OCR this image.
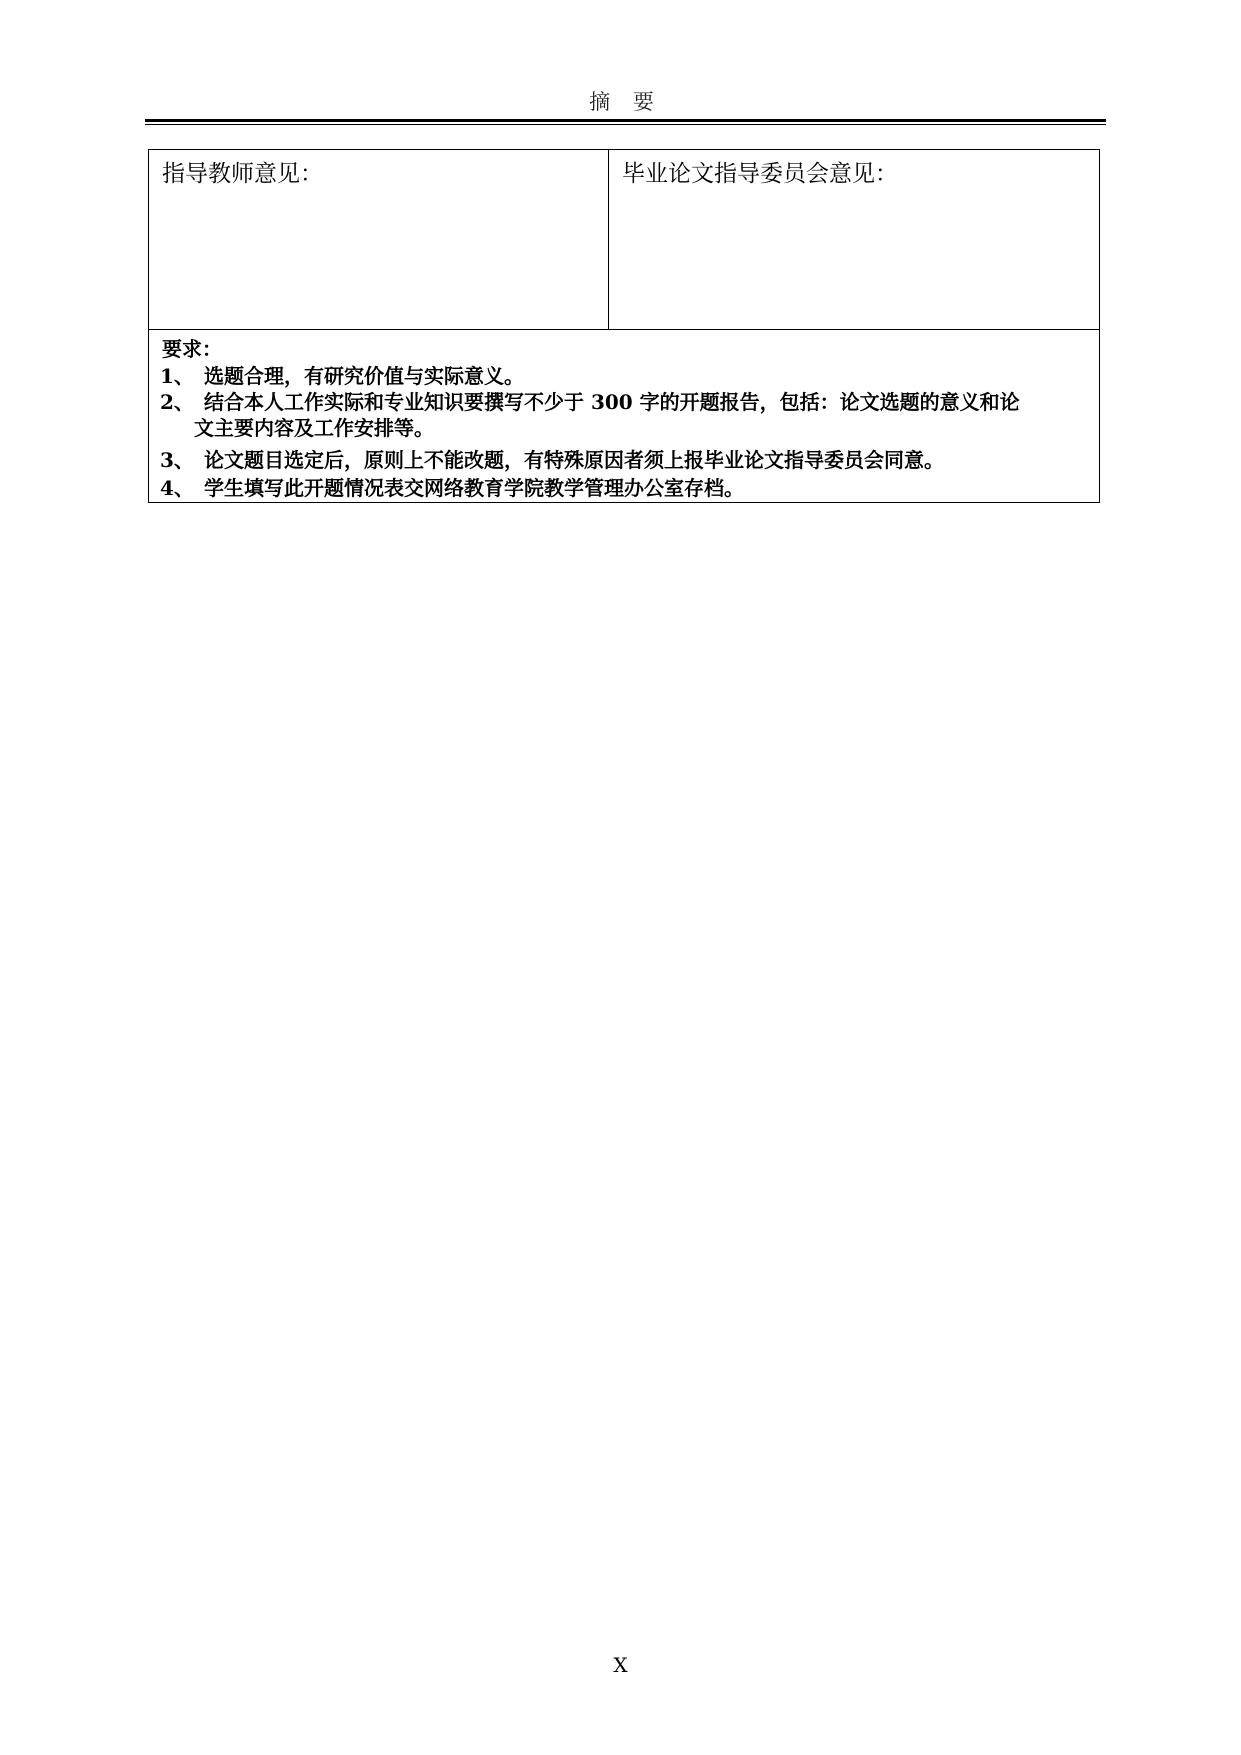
摘 要
指导教师意见：	毕业论文指导委员会意见：
要求：
1、 选题合理，有研究价值与实际意义。
2、 结合本人工作实际和专业知识要撰写不少于 300 字的开题报告，包括：论文选题的意义和论
文主要内容及工作安排等。
3、 论文题目选定后，原则上不能改题，有特殊原因者须上报毕业论文指导委员会同意。
4、 学生填写此开题情况表交网络教育学院教学管理办公室存档。
X
